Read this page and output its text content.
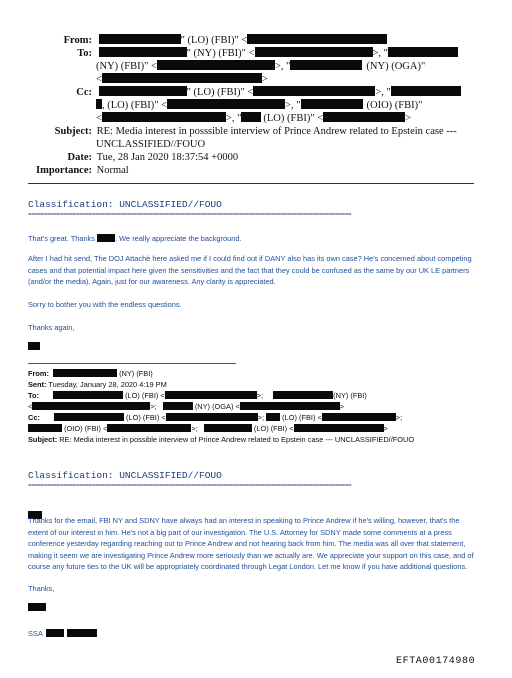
From:	" (LO) (FBI)" <
To:	" (NY) (FBI)" <	>, "
(NY) (FBI)" <	>, "	(NY) (OGA)"
<	>
Cc:	" (LO) (FBI)" <	>, "
, (LO) (FBI)" <	>, "	(OIO) (FBI)"
<	>, " (LO) (FBI)" <	>
Subject: RE: Media interest in posssible interview of Prince Andrew related to Epstein case ---
UNCLASSIFIED//FOUO
Date: Tue, 28 Jan 2020 18:37:54 +0000
Importance: Normal
Classification: UNCLASSIFIED//FOUO
=====================================================================================================
That's great. Thanks	. We really appreciate the background.
After I had hit send, The DOJ Attaché here asked me if I could find out if DANY also has its own case? He's concerned about competing cases and that potential impact here given the sensitivities and the fact that they could be confused as the same by our UK LE partners (and/or the media). Again, just for our awareness. Any clarity is appreciated.
Sorry to bother you with the endless questions.
Thanks again,
From:	(NY) (FBI)
Sent: Tuesday, January 28, 2020 4:19 PM
To:	(LO) (FBI) <	>;	(NY) (FBI)
<	>;	(NY) (OGA) <	>
Cc:	(LO) (FBI) <	>; (LO) (FBI) <	>;
(OIO) (FBI) <	>;	(LO) (FBI) <	>
Subject: RE: Media interest in possible interview of Prince Andrew related to Epstein case --- UNCLASSIFIED//FOUO
Classification: UNCLASSIFIED//FOUO
=====================================================================================================
Thanks for the email, FBI NY and SDNY have always had an interest in speaking to Prince Andrew if he's willing, however, that's the extent of our interest in him. He's not a big part of our investigation. The U.S. Attorney for SDNY made some comments at a press conference yesterday regarding reaching out to Prince Andrew and not hearing back from him. The media was all over that statement, making it seem we are investigating Prince Andrew more seriously than we actually are. We appreciate your support on this case, and of course any future ties to the UK will be appropriately coordinated through Legat London. Let me know if you have additional questions.
Thanks,
SSA
EFTA00174980
